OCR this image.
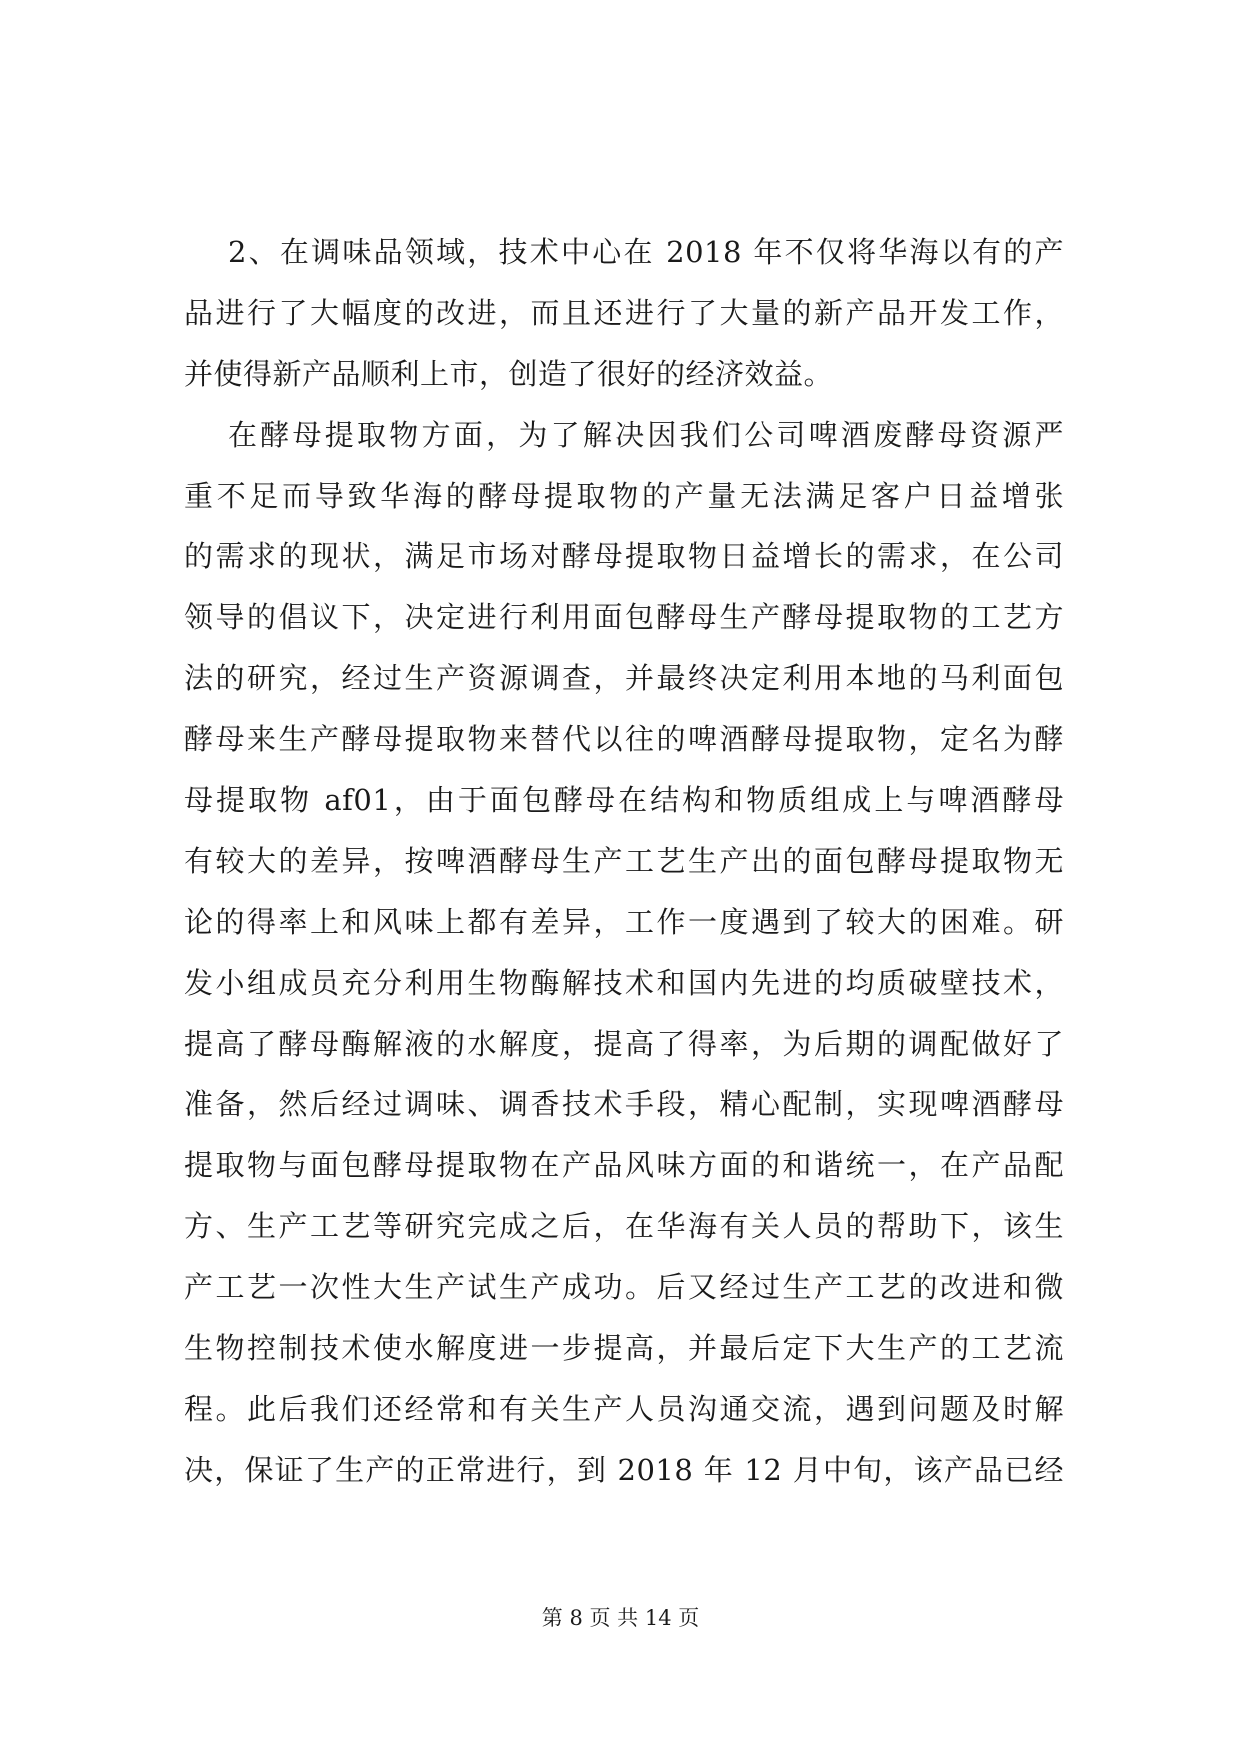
2、在调味品领域，技术中心在 2018 年不仅将华海以有的产
品进行了大幅度的改进，而且还进行了大量的新产品开发工作，
并使得新产品顺利上市，创造了很好的经济效益。
在酵母提取物方面，为了解决因我们公司啤酒废酵母资源严
重不足而导致华海的酵母提取物的产量无法满足客户日益增张
的需求的现状，满足市场对酵母提取物日益增长的需求，在公司
领导的倡议下，决定进行利用面包酵母生产酵母提取物的工艺方
法的研究，经过生产资源调查，并最终决定利用本地的马利面包
酵母来生产酵母提取物来替代以往的啤酒酵母提取物，定名为酵
母提取物 af01，由于面包酵母在结构和物质组成上与啤酒酵母
有较大的差异，按啤酒酵母生产工艺生产出的面包酵母提取物无
论的得率上和风味上都有差异，工作一度遇到了较大的困难。研
发小组成员充分利用生物酶解技术和国内先进的均质破壁技术，
提高了酵母酶解液的水解度，提高了得率，为后期的调配做好了
准备，然后经过调味、调香技术手段，精心配制，实现啤酒酵母
提取物与面包酵母提取物在产品风味方面的和谐统一，在产品配
方、生产工艺等研究完成之后，在华海有关人员的帮助下，该生
产工艺一次性大生产试生产成功。后又经过生产工艺的改进和微
生物控制技术使水解度进一步提高，并最后定下大生产的工艺流
程。此后我们还经常和有关生产人员沟通交流，遇到问题及时解
决，保证了生产的正常进行，到 2018 年 12 月中旬，该产品已经
第 8 页 共 14 页
